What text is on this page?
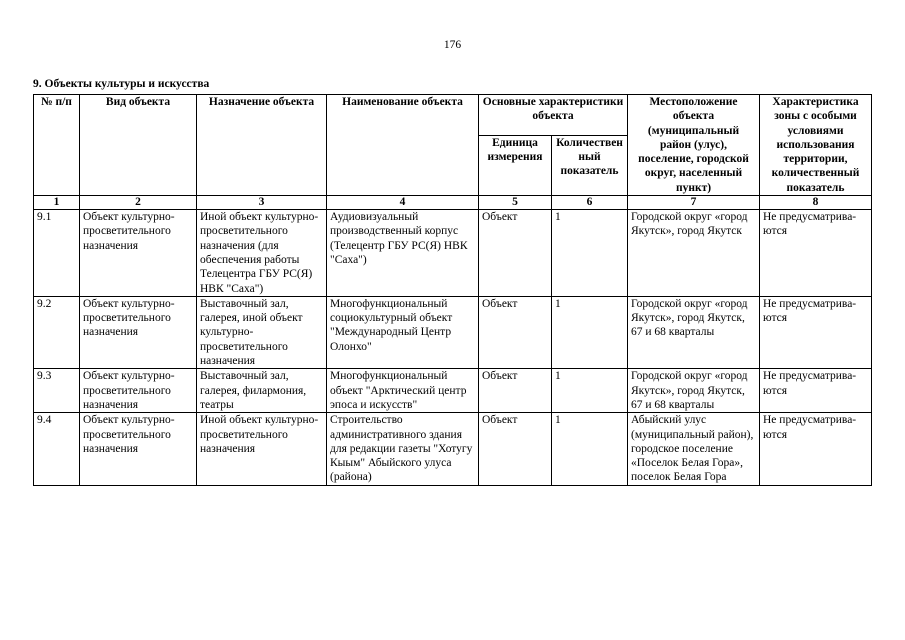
176
9. Объекты культуры и искусства
№ п/п	Вид объекта	Назначение объекта	Наименование объекта	Основные характеристики объекта		Местоположение объекта (муниципальный район (улус), поселение, городской округ, населенный пункт)	Характеристика зоны с особыми условиями использования территории, количественный показатель
				Единица измерения	Количественный показатель		
1	2	3	4	5	6	7	8
9.1	Объект культурно-просветительного назначения	Иной объект культурно-просветительного назначения (для обеспечения работы Телецентра ГБУ РС(Я) НВК "Саха")	Аудиовизуальный производственный корпус (Телецентр ГБУ РС(Я) НВК "Саха")	Объект	1	Городской округ «город Якутск», город Якутск	Не предусматрива-ются
9.2	Объект культурно-просветительного назначения	Выставочный зал, галерея, иной объект культурно-просветительного назначения	Многофункциональный социокультурный объект "Международный Центр Олонхо"	Объект	1	Городской округ «город Якутск», город Якутск, 67 и 68 кварталы	Не предусматрива-ются
9.3	Объект культурно-просветительного назначения	Выставочный зал, галерея, филармония, театры	Многофункциональный объект "Арктический центр эпоса и искусств"	Объект	1	Городской округ «город Якутск», город Якутск, 67 и 68 кварталы	Не предусматрива-ются
9.4	Объект культурно-просветительного назначения	Иной объект культурно-просветительного назначения	Строительство административного здания для редакции газеты "Хотугу Кыым" Абыйского улуса (района)	Объект	1	Абыйский улус (муниципальный район), городское поселение «Поселок Белая Гора», поселок Белая Гора	Не предусматрива-ются
